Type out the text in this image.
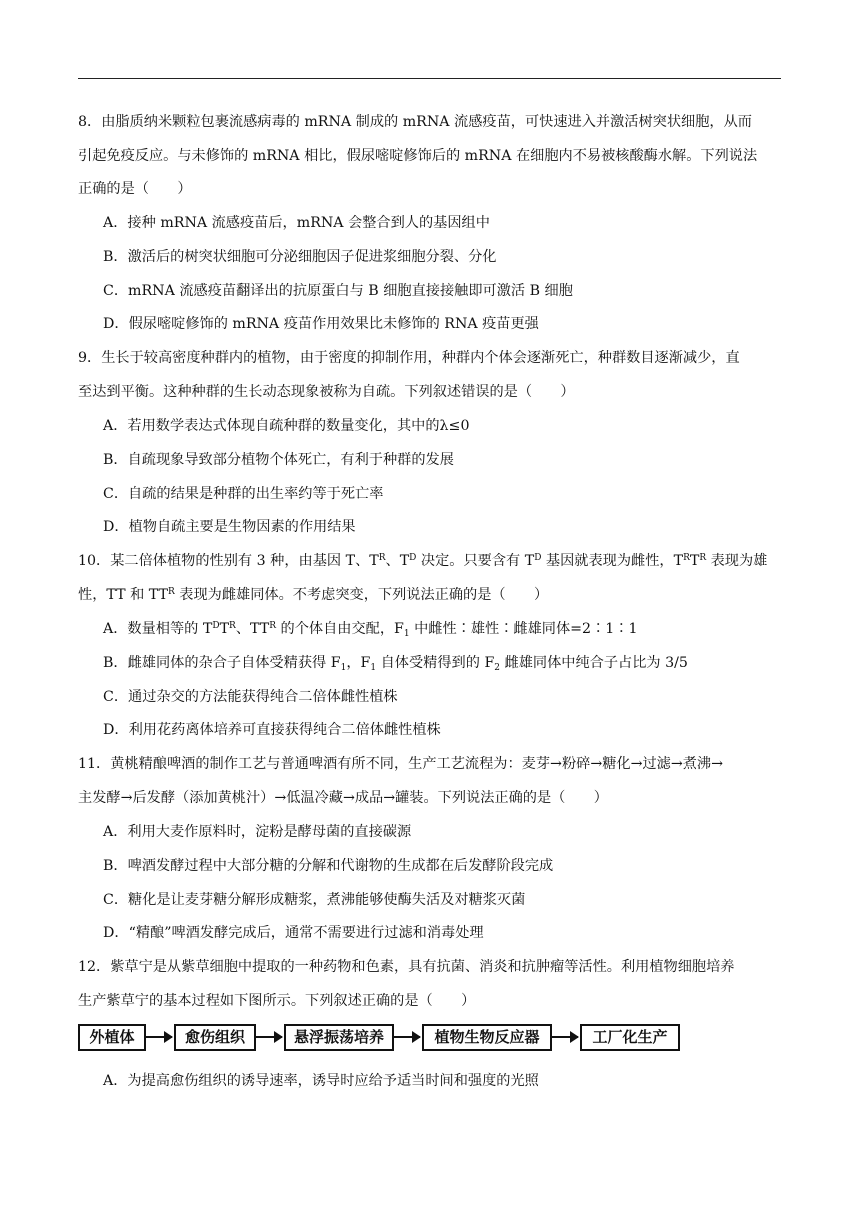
8．由脂质纳米颗粒包裹流感病毒的 mRNA 制成的 mRNA 流感疫苗，可快速进入并激活树突状细胞，从而
引起免疫反应。与未修饰的 mRNA 相比，假尿嘧啶修饰后的 mRNA 在细胞内不易被核酸酶水解。下列说法
正确的是（　　）
A．接种 mRNA 流感疫苗后，mRNA 会整合到人的基因组中
B．激活后的树突状细胞可分泌细胞因子促进浆细胞分裂、分化
C．mRNA 流感疫苗翻译出的抗原蛋白与 B 细胞直接接触即可激活 B 细胞
D．假尿嘧啶修饰的 mRNA 疫苗作用效果比未修饰的 RNA 疫苗更强
9．生长于较高密度种群内的植物，由于密度的抑制作用，种群内个体会逐渐死亡，种群数目逐渐减少，直
至达到平衡。这种种群的生长动态现象被称为自疏。下列叙述错误的是（　　）
A．若用数学表达式体现自疏种群的数量变化，其中的λ≤0
B．自疏现象导致部分植物个体死亡，有利于种群的发展
C．自疏的结果是种群的出生率约等于死亡率
D．植物自疏主要是生物因素的作用结果
10．某二倍体植物的性别有 3 种，由基因 T、$T^R$、$T^D$ 决定。只要含有 $T^D$ 基因就表现为雌性，$T^RT^R$ 表现为雄
性，TT 和 $TT^R$ 表现为雌雄同体。不考虑突变，下列说法正确的是（　　）
A．数量相等的 $T^DT^R$、$TT^R$ 的个体自由交配，$F_1$ 中雌性∶雄性∶雌雄同体=2∶1∶1
B．雌雄同体的杂合子自体受精获得 $F_1$，$F_1$ 自体受精得到的 $F_2$ 雌雄同体中纯合子占比为 3/5
C．通过杂交的方法能获得纯合二倍体雌性植株
D．利用花药离体培养可直接获得纯合二倍体雌性植株
11．黄桃精酿啤酒的制作工艺与普通啤酒有所不同，生产工艺流程为：麦芽→粉碎→糖化→过滤→煮沸→
主发酵→后发酵（添加黄桃汁）→低温冷藏→成品→罐装。下列说法正确的是（　　）
A．利用大麦作原料时，淀粉是酵母菌的直接碳源
B．啤酒发酵过程中大部分糖的分解和代谢物的生成都在后发酵阶段完成
C．糖化是让麦芽糖分解形成糖浆，煮沸能够使酶失活及对糖浆灭菌
D．“精酿”啤酒发酵完成后，通常不需要进行过滤和消毒处理
12．紫草宁是从紫草细胞中提取的一种药物和色素，具有抗菌、消炎和抗肿瘤等活性。利用植物细胞培养
生产紫草宁的基本过程如下图所示。下列叙述正确的是（　　）
外植体	愈伤组织	悬浮振荡培养	植物生物反应器	工厂化生产
A．为提高愈伤组织的诱导速率，诱导时应给予适当时间和强度的光照
